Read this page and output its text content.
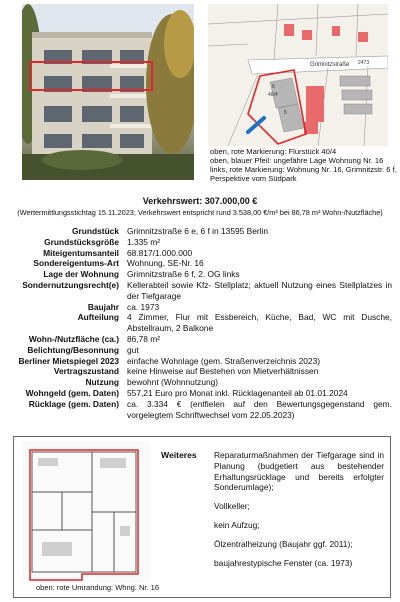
Grimnitzstraße
40/4
2473
6
6
oben, rote Markierung: Flurstück 40/4
oben, blauer Pfeil: ungefähre Lage Wohnung Nr. 16
links, rote Markierung: Wohnung Nr. 16, Grimnitzstr. 6 f,
Perspektive vom Südpark
Verkehrswert: 307.000,00 €
(Wertermittlungsstichtag 15.11.2023; Verkehrswert entspricht rund 3.538,00 €/m² bei 86,78 m² Wohn-/Nutzfläche)
Grundstück Grimnitzstraße 6 e, 6 f in 13595 Berlin
Grundstücksgröße 1.335 m²
Miteigentumsanteil 68.817/1.000.000
Sondereigentums-Art Wohnung, SE-Nr. 16
Lage der Wohnung Grimnitzstraße 6 f, 2. OG links
Sondernutzungsrecht(e) Kellerabteil sowie Kfz- Stellplatz; aktuell Nutzung eines Stellplatzes in der Tiefgarage
Baujahr ca. 1973
Aufteilung 4 Zimmer, Flur mit Essbereich, Küche, Bad, WC mit Dusche, Abstellraum, 2 Balkone
Wohn-/Nutzfläche (ca.) 86,78 m²
Belichtung/Besonnung gut
Berliner Mietspiegel 2023 einfache Wohnlage (gem. Straßenverzeichnis 2023)
Vertragszustand keine Hinweise auf Bestehen von Mietverhältnissen
Nutzung bewohnt (Wohnnutzung)
Wohngeld (gem. Daten) 557,21 Euro pro Monat inkl. Rücklagenanteil ab 01.01.2024
Rücklage (gem. Daten) ca. 3.334 € (entfielen auf den Bewertungsgegenstand gem. vorgelegtem Schriftwechsel vom 22.05.2023)
oben: rote Umrandung: Whng. Nr. 16
Weiteres Reparaturmaßnahmen der Tiefgarage sind in Planung (budgetiert aus bestehender Erhaltungsrücklage und bereits erfolgter Sonderumlage);

Vollkeller;

kein Aufzug;

Ölzentralheizung (Baujahr ggf. 2011);

baujahrestypische Fenster (ca. 1973)
